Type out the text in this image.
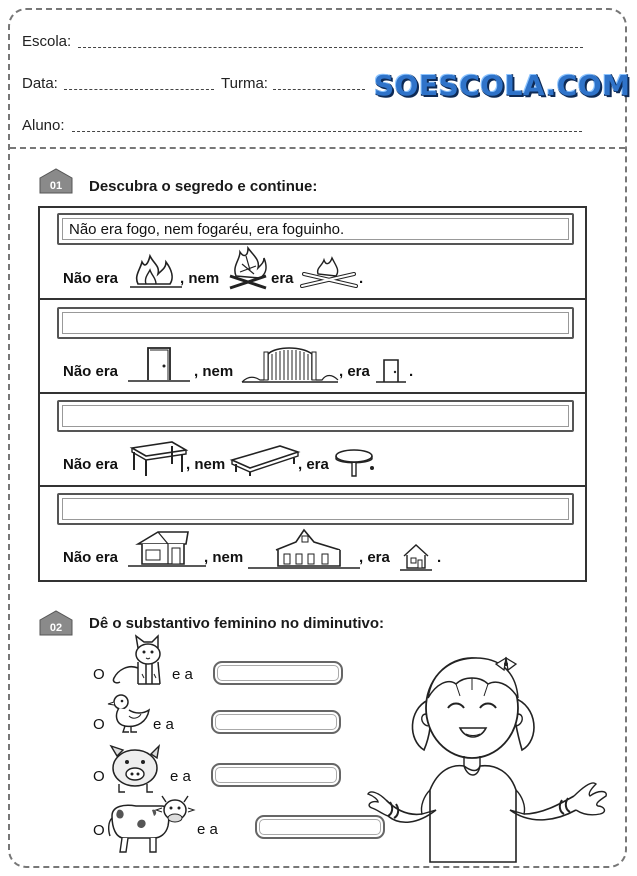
Escola:
Data:	Turma:	SOESCOLA.COM
Aluno:
01 Descubra o segredo e continue:
Não era fogo, nem fogaréu, era foguinho.
Não era	, nem	era	.
Não era	, nem	, era	.
Não era	, nem	, era
Não era	, nem	, era	.
02 Dê o substantivo feminino no diminutivo:
O	e a
O	e a
O	e a
O	e a
